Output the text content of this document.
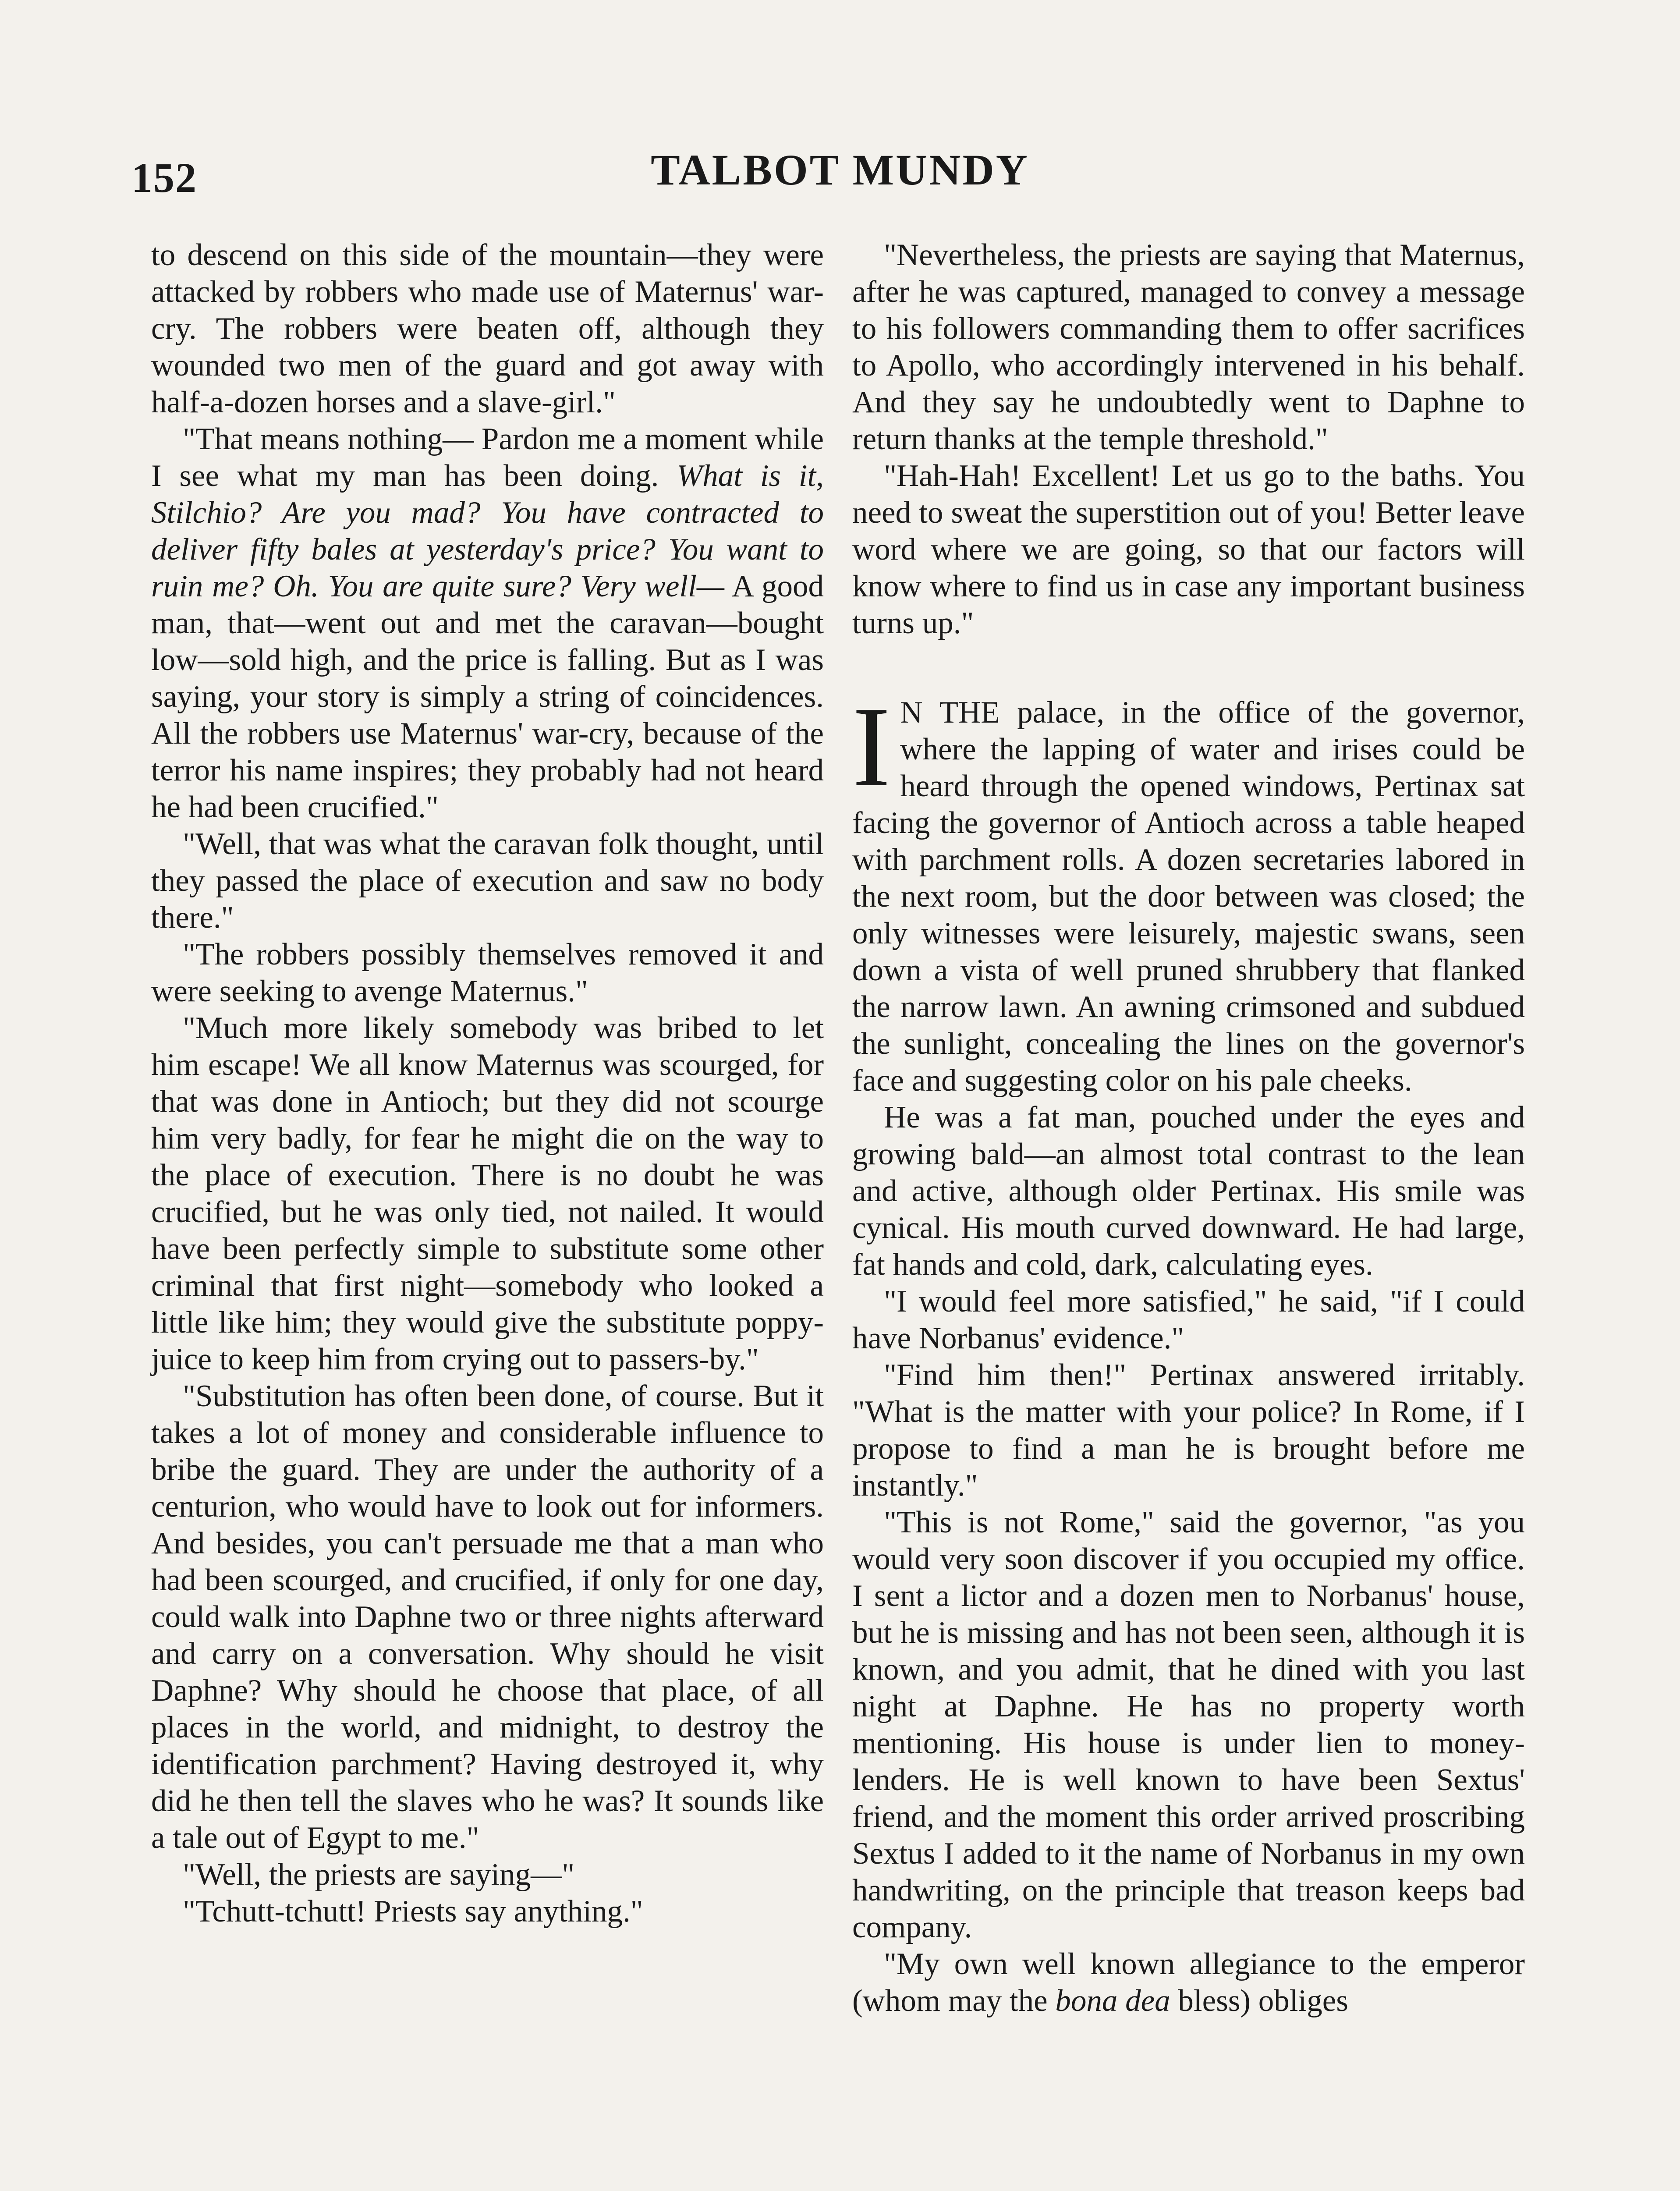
152	TALBOT MUNDY

to descend on this side of the mountain—they were attacked by robbers who made use of Maternus' war-cry. The robbers were beaten off, although they wounded two men of the guard and got away with half-a-dozen horses and a slave-girl."

"That means nothing— Pardon me a moment while I see what my man has been doing. What is it, Stilchio? Are you mad? You have contracted to deliver fifty bales at yesterday's price? You want to ruin me? Oh. You are quite sure? Very well— A good man, that—went out and met the caravan—bought low—sold high, and the price is falling. But as I was saying, your story is simply a string of coincidences. All the robbers use Maternus' war-cry, because of the terror his name inspires; they probably had not heard he had been crucified."

"Well, that was what the caravan folk thought, until they passed the place of execution and saw no body there."

"The robbers possibly themselves removed it and were seeking to avenge Maternus."

"Much more likely somebody was bribed to let him escape! We all know Maternus was scourged, for that was done in Antioch; but they did not scourge him very badly, for fear he might die on the way to the place of execution. There is no doubt he was crucified, but he was only tied, not nailed. It would have been perfectly simple to substitute some other criminal that first night—somebody who looked a little like him; they would give the substitute poppy-juice to keep him from crying out to passers-by."

"Substitution has often been done, of course. But it takes a lot of money and considerable influence to bribe the guard. They are under the authority of a centurion, who would have to look out for informers. And besides, you can't persuade me that a man who had been scourged, and crucified, if only for one day, could walk into Daphne two or three nights afterward and carry on a conversation. Why should he visit Daphne? Why should he choose that place, of all places in the world, and midnight, to destroy the identification parchment? Having destroyed it, why did he then tell the slaves who he was? It sounds like a tale out of Egypt to me."

"Well, the priests are saying—"

"Tchutt-tchutt! Priests say anything."

"Nevertheless, the priests are saying that Maternus, after he was captured, managed to convey a message to his followers commanding them to offer sacrifices to Apollo, who accordingly intervened in his behalf. And they say he undoubtedly went to Daphne to return thanks at the temple threshold."

"Hah-Hah! Excellent! Let us go to the baths. You need to sweat the superstition out of you! Better leave word where we are going, so that our factors will know where to find us in case any important business turns up."

I N THE palace, in the office of the governor, where the lapping of water and irises could be heard through the opened windows, Pertinax sat facing the governor of Antioch across a table heaped with parchment rolls. A dozen secretaries labored in the next room, but the door between was closed; the only witnesses were leisurely, majestic swans, seen down a vista of well pruned shrubbery that flanked the narrow lawn. An awning crimsoned and subdued the sunlight, concealing the lines on the governor's face and suggesting color on his pale cheeks.

He was a fat man, pouched under the eyes and growing bald—an almost total contrast to the lean and active, although older Pertinax. His smile was cynical. His mouth curved downward. He had large, fat hands and cold, dark, calculating eyes.

"I would feel more satisfied," he said, "if I could have Norbanus' evidence."

"Find him then!" Pertinax answered irritably. "What is the matter with your police? In Rome, if I propose to find a man he is brought before me instantly."

"This is not Rome," said the governor, "as you would very soon discover if you occupied my office. I sent a lictor and a dozen men to Norbanus' house, but he is missing and has not been seen, although it is known, and you admit, that he dined with you last night at Daphne. He has no property worth mentioning. His house is under lien to money-lenders. He is well known to have been Sextus' friend, and the moment this order arrived proscribing Sextus I added to it the name of Norbanus in my own handwriting, on the principle that treason keeps bad company.

"My own well known allegiance to the emperor (whom may the bona dea bless) obliges
